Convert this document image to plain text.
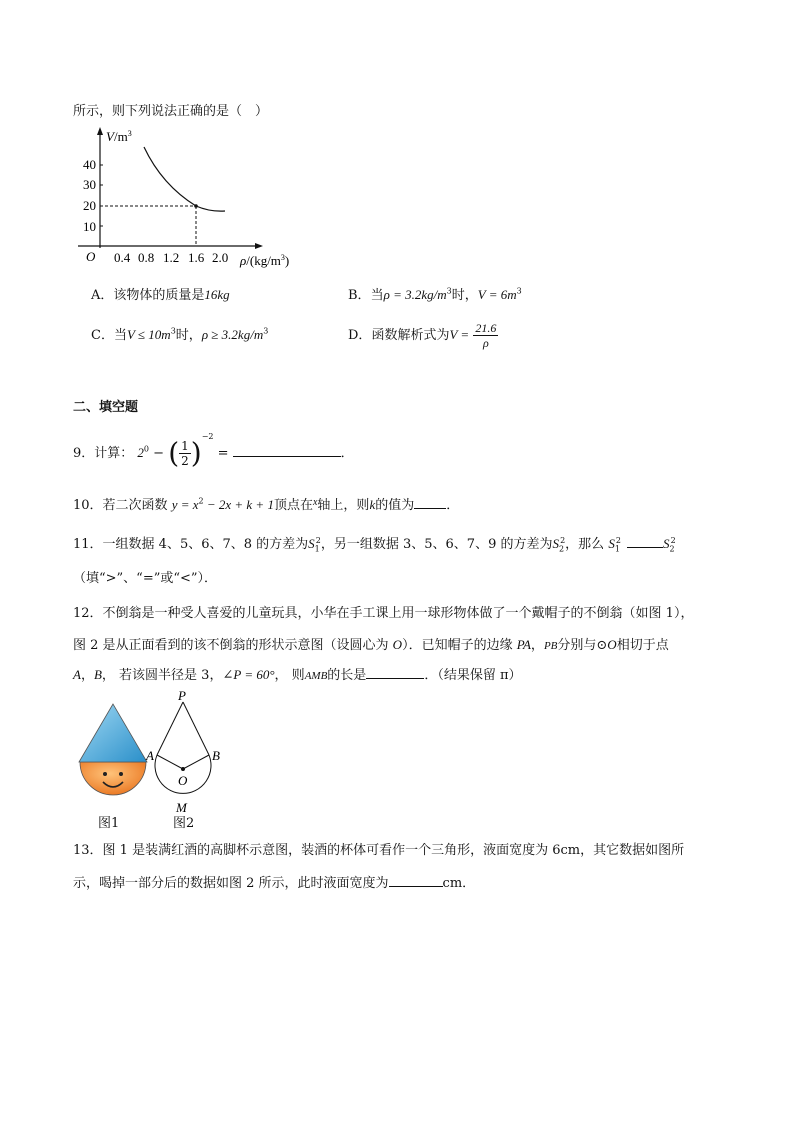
所示，则下列说法正确的是（　）
$V/m^3$
40
30
20
10
O 0.4 0.8 1.2 1.6 2.0 $\rho/(kg/m^3)$
A．该物体的质量是16kg	B．当$\rho = 3.2kg/m^3$时，$V = 6m^3$
C．当$V \le 10m^3$时，$\rho \ge 3.2kg/m^3$	D．函数解析式为$V = \frac{21.6}{\rho}$
二、填空题
9．计算： $2^0$ − ( $\frac{1}{2} )^{-2}$ =	．
10．若二次函数 $y = x^2 - 2x + k + 1$顶点在$^x$轴上，则k的值为 ．
11．一组数据 4、5、6、7、8 的方差为$S_1^2$，另一组数据 3、5、6、7、9 的方差为$S_2^2$，那么 $S_1^2$	$S_2^2$
（填“>”、“=”或“<”）．
12．不倒翁是一种受人喜爱的儿童玩具，小华在手工课上用一球形物体做了一个戴帽子的不倒翁（如图 1），
图 2 是从正面看到的该不倒翁的形状示意图（设圆心为 O）．已知帽子的边缘 PA，PB分别与⊙O相切于点
A，B， 若该圆半径是 3，∠P = 60°， 则AMB的长是	．（结果保留 π）
图1
P
A	B
O
M
图2
13．图 1 是装满红酒的高脚杯示意图，装酒的杯体可看作一个三角形，液面宽度为 6cm，其它数据如图所
示，喝掉一部分后的数据如图 2 所示，此时液面宽度为	cm．
